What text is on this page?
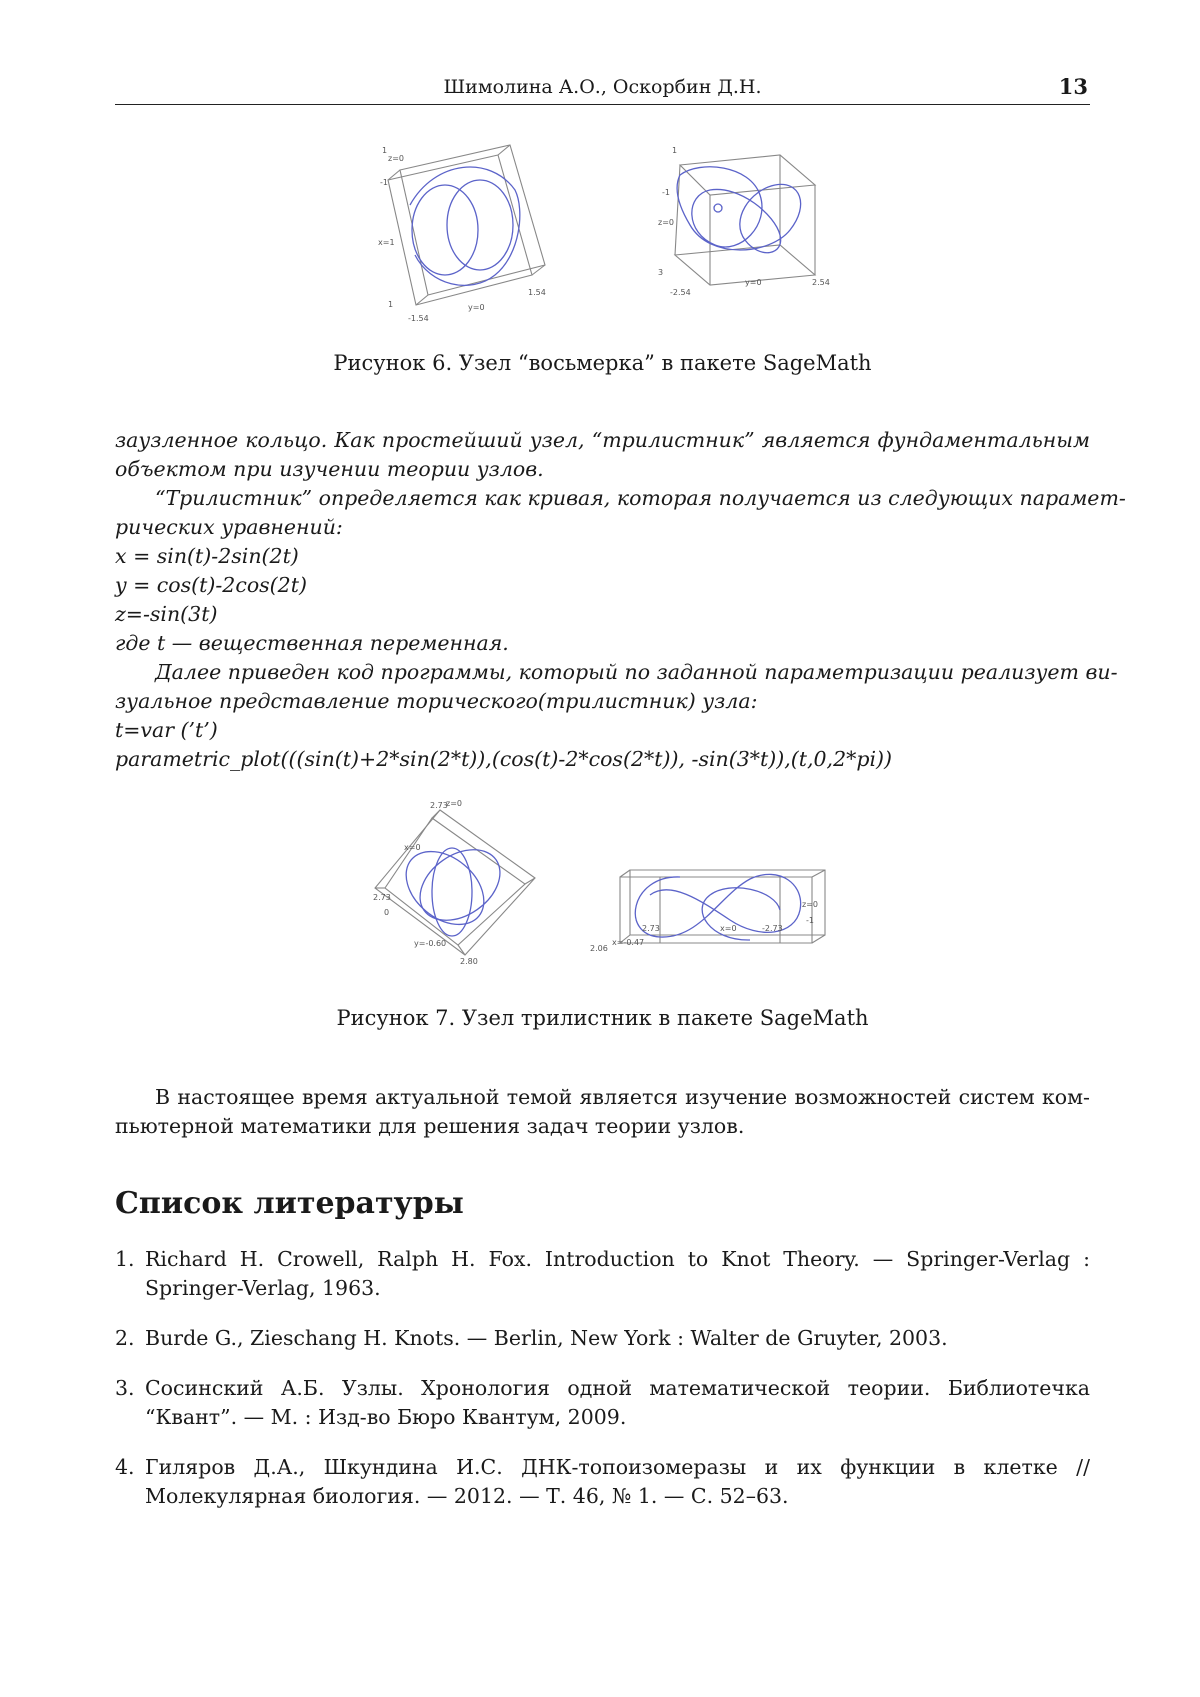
Шимолина А.О., Оскорбин Д.Н.	13
1
z=0
-1
x=1
1
-1.54
y=0
1.54
1
-1
z=0
3
-2.54
y=0	2.54
Рисунок 6. Узел “восьмерка” в пакете SageMath
заузленное кольцо. Как простейший узел, “трилистник” является фундаментальным
объектом при изучении теории узлов.
“Трилистник” определяется как кривая, которая получается из следующих парамет-
рических уравнений:
x = sin(t)-2sin(2t)
y = cos(t)-2cos(2t)
z=-sin(3t)
где t — вещественная переменная.
Далее приведен код программы, который по заданной параметризации реализует ви-
зуальное представление торического(трилистник) узла:
t=var (’t’)
parametric_plot(((sin(t)+2*sin(2*t)),(cos(t)-2*cos(2*t)), -sin(3*t)),(t,0,2*pi))
2.73
z=0
x=0
2.73
0
y=-0.60
2.80
2.06
x=-0.47
2.73	x=0	-2.73
z=0
-1
Рисунок 7. Узел трилистник в пакете SageMath
В настоящее время актуальной темой является изучение возможностей систем ком-
пьютерной математики для решения задач теории узлов.
Список литературы
1. Richard H. Crowell, Ralph H. Fox. Introduction to Knot Theory. — Springer-Verlag : Springer-Verlag, 1963.
2. Burde G., Zieschang H. Knots. — Berlin, New York : Walter de Gruyter, 2003.
3. Сосинский А.Б. Узлы. Хронология одной математической теории. Библиотечка “Квант”. — М. : Изд-во Бюро Квантум, 2009.
4. Гиляров Д.А., Шкундина И.С. ДНК-топоизомеразы и их функции в клетке // Молекулярная биология. — 2012. — Т. 46, № 1. — С. 52–63.
